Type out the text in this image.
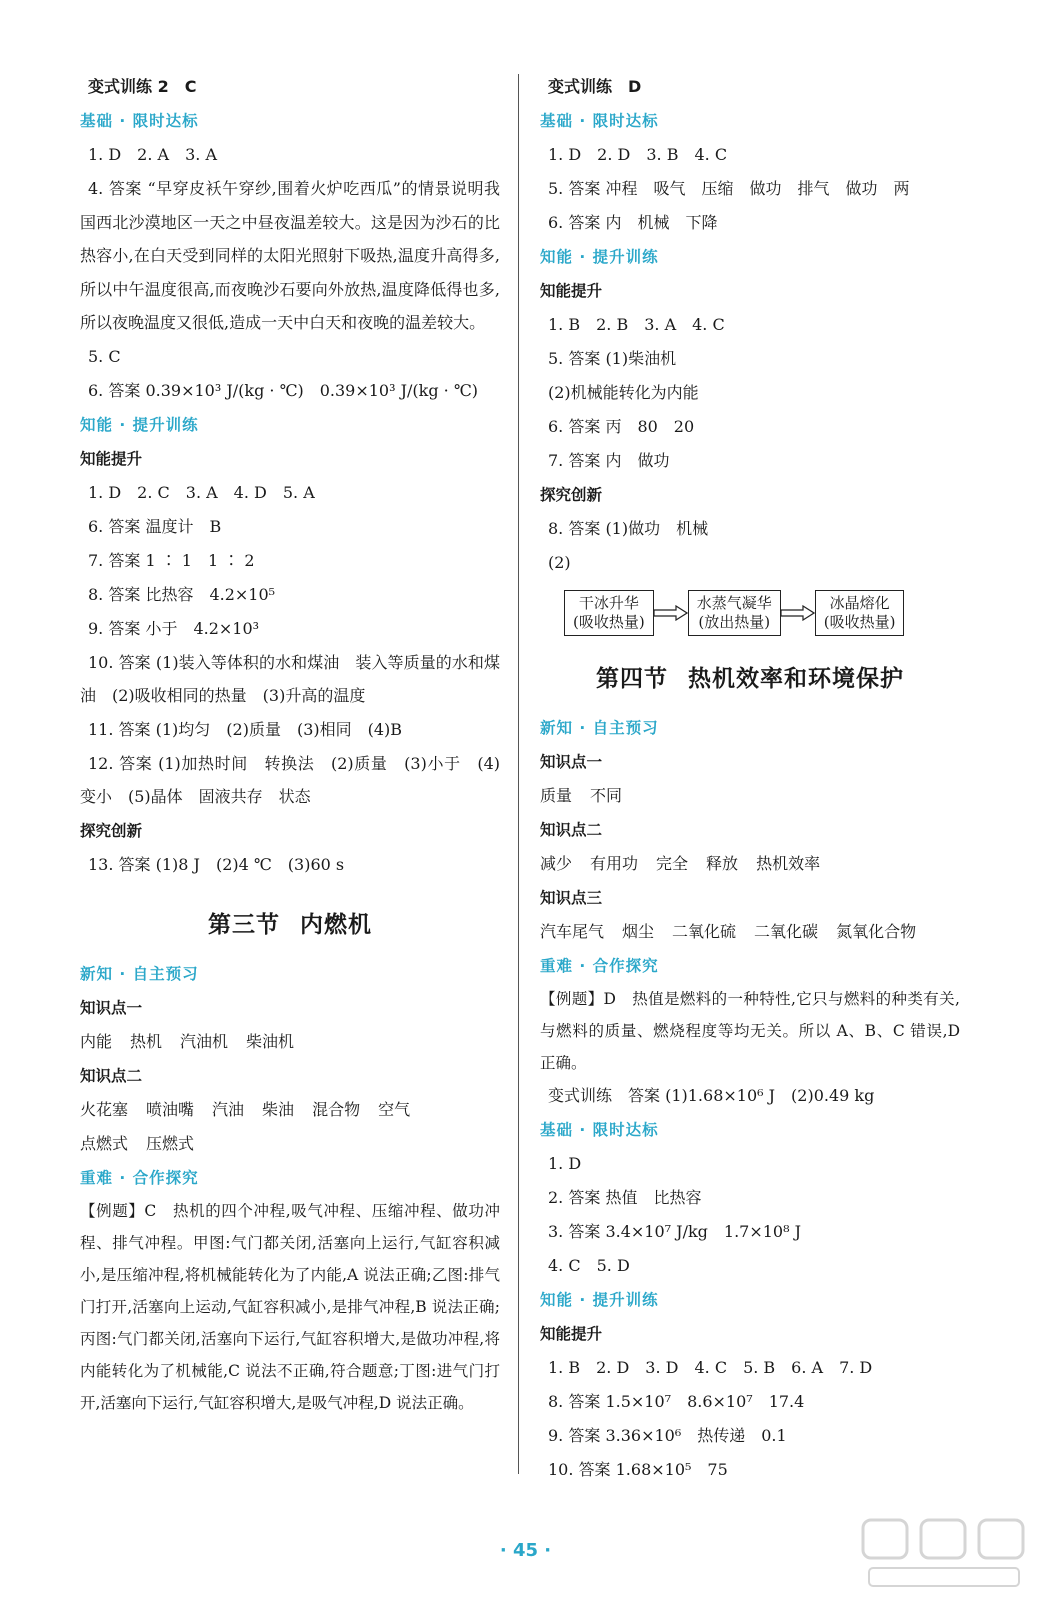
变式训练 2　C
基础 · 限时达标
1. D　2. A　3. A

4. 答案 “早穿皮袄午穿纱,围着火炉吃西瓜”的情景说明我国西北沙漠地区一天之中昼夜温差较大。这是因为沙石的比热容小,在白天受到同样的太阳光照射下吸热,温度升高得多,所以中午温度很高,而夜晚沙石要向外放热,温度降低得也多,所以夜晚温度又很低,造成一天中白天和夜晚的温差较大。

5. C
6. 答案 0.39×10³ J/(kg · ℃)　0.39×10³ J/(kg · ℃)
知能 · 提升训练
知能提升
1. D　2. C　3. A　4. D　5. A
6. 答案 温度计　B
7. 答案 1 ∶ 1　1 ∶ 2
8. 答案 比热容　4.2×10⁵
9. 答案 小于　4.2×10³

10. 答案 (1)装入等体积的水和煤油　装入等质量的水和煤油　(2)吸收相同的热量　(3)升高的温度

11. 答案 (1)均匀　(2)质量　(3)相同　(4)B

12. 答案 (1)加热时间　转换法　(2)质量　(3)小于　(4)变小　(5)晶体　固液共存　状态

探究创新
13. 答案 (1)8 J　(2)4 ℃　(3)60 s
第三节 内燃机
新知 · 自主预习
知识点一
内能 热机 汽油机 柴油机
知识点二
火花塞 喷油嘴 汽油 柴油 混合物 空气
点燃式 压燃式
重难 · 合作探究

【例题】C　热机的四个冲程,吸气冲程、压缩冲程、做功冲程、排气冲程。甲图:气门都关闭,活塞向上运行,气缸容积减小,是压缩冲程,将机械能转化为了内能,A 说法正确;乙图:排气门打开,活塞向上运动,气缸容积减小,是排气冲程,B 说法正确;丙图:气门都关闭,活塞向下运行,气缸容积增大,是做功冲程,将内能转化为了机械能,C 说法不正确,符合题意;丁图:进气门打开,活塞向下运行,气缸容积增大,是吸气冲程,D 说法正确。

变式训练　D
基础 · 限时达标
1. D　2. D　3. B　4. C
5. 答案 冲程　吸气　压缩　做功　排气　做功　两
6. 答案 内　机械　下降
知能 · 提升训练
知能提升
1. B　2. B　3. A　4. C
5. 答案 (1)柴油机
(2)机械能转化为内能
6. 答案 丙　80　20
7. 答案 内　做功
探究创新
8. 答案 (1)做功　机械
(2)
干冰升华
(吸收热量)
水蒸气凝华
(放出热量)
冰晶熔化
(吸收热量)
第四节 热机效率和环境保护
新知 · 自主预习
知识点一
质量 不同
知识点二
减少 有用功 完全 释放 热机效率
知识点三
汽车尾气 烟尘 二氧化硫 二氧化碳 氮氧化合物
重难 · 合作探究

【例题】D　热值是燃料的一种特性,它只与燃料的种类有关,与燃料的质量、燃烧程度等均无关。所以 A、B、C 错误,D 正确。

变式训练　答案 (1)1.68×10⁶ J　(2)0.49 kg
基础 · 限时达标
1. D
2. 答案 热值　比热容
3. 答案 3.4×10⁷ J/kg　1.7×10⁸ J
4. C　5. D
知能 · 提升训练
知能提升
1. B　2. D　3. D　4. C　5. B　6. A　7. D
8. 答案 1.5×10⁷　8.6×10⁷　17.4
9. 答案 3.36×10⁶　热传递　0.1
10. 答案 1.68×10⁵　75
· 45 ·
